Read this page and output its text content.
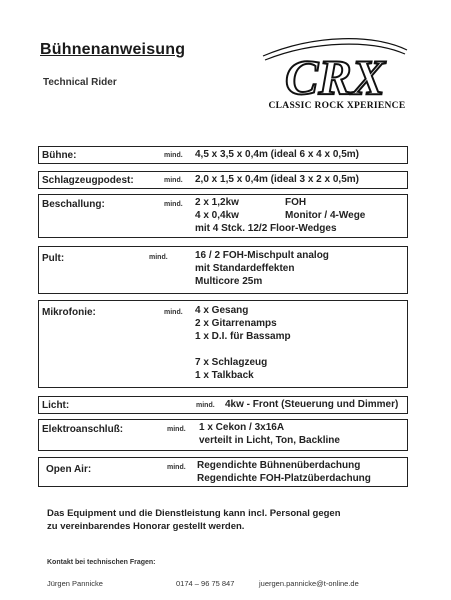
Bühnenanweisung
Technical Rider	CRX
CLASSIC ROCK XPERIENCE
Bühne:	mind. 4,5 x 3,5 x 0,4m (ideal 6 x 4 x 0,5m)
Schlagzeugpodest:	mind. 2,0 x 1,5 x 0,4m (ideal 3 x 2 x 0,5m)
Beschallung:	mind. 2 x 1,2kw	FOH
4 x 0,4kw	Monitor / 4-Wege
mit 4 Stck. 12/2 Floor-Wedges
Pult:	mind.	16 / 2 FOH-Mischpult analog
mit Standardeffekten
Multicore 25m
Mikrofonie:	mind. 4 x Gesang
2 x Gitarrenamps
1 x D.I. für Bassamp
7 x Schlagzeug
1 x Talkback
Licht:	mind. 4kw - Front (Steuerung und Dimmer)
Elektroanschluß:	mind. 1 x Cekon / 3x16A
verteilt in Licht, Ton, Backline
Open Air:	mind. Regendichte Bühnenüberdachung
Regendichte FOH-Platzüberdachung
Das Equipment und die Dienstleistung kann incl. Personal gegen
zu vereinbarendes Honorar gestellt werden.
Kontakt bei technischen Fragen:
Jürgen Pannicke	0174 – 96 75 847	juergen.pannicke@t-online.de
